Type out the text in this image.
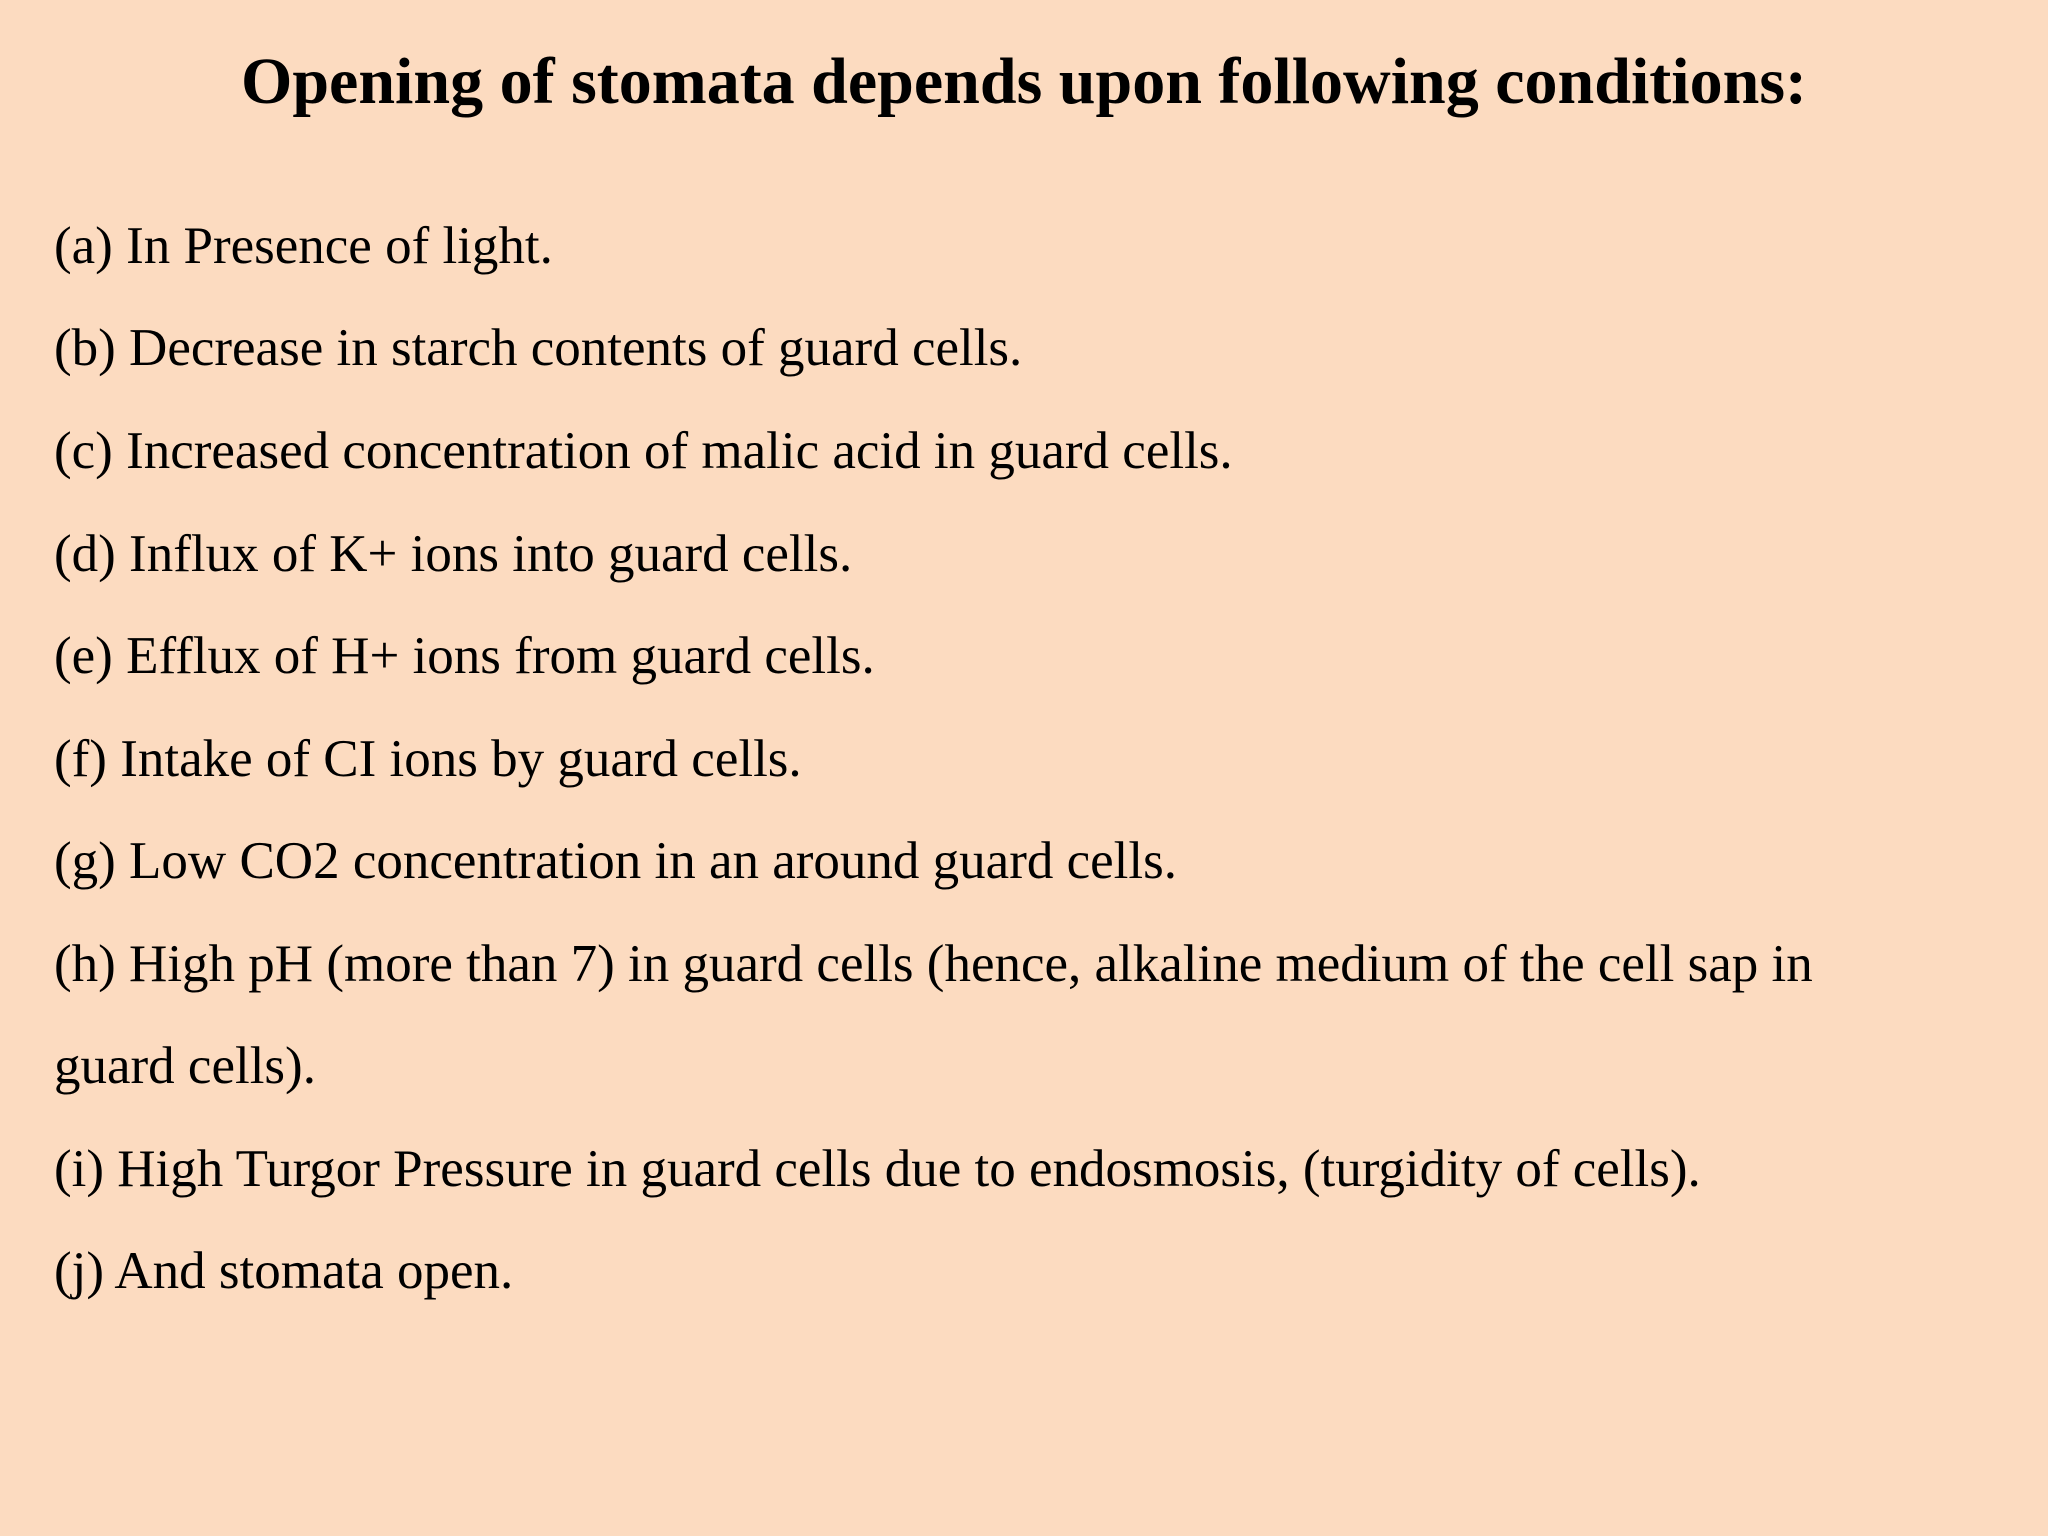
Opening of stomata depends upon following conditions:
(a) In Presence of light.
(b) Decrease in starch contents of guard cells.
(c) Increased concentration of malic acid in guard cells.
(d) Influx of K+ ions into guard cells.
(e) Efflux of H+ ions from guard cells.
(f) Intake of CI ions by guard cells.
(g) Low CO2 concentration in an around guard cells.
(h) High pH (more than 7) in guard cells (hence, alkaline medium of the cell sap in
guard cells).
(i) High Turgor Pressure in guard cells due to endosmosis, (turgidity of cells).
(j) And stomata open.
